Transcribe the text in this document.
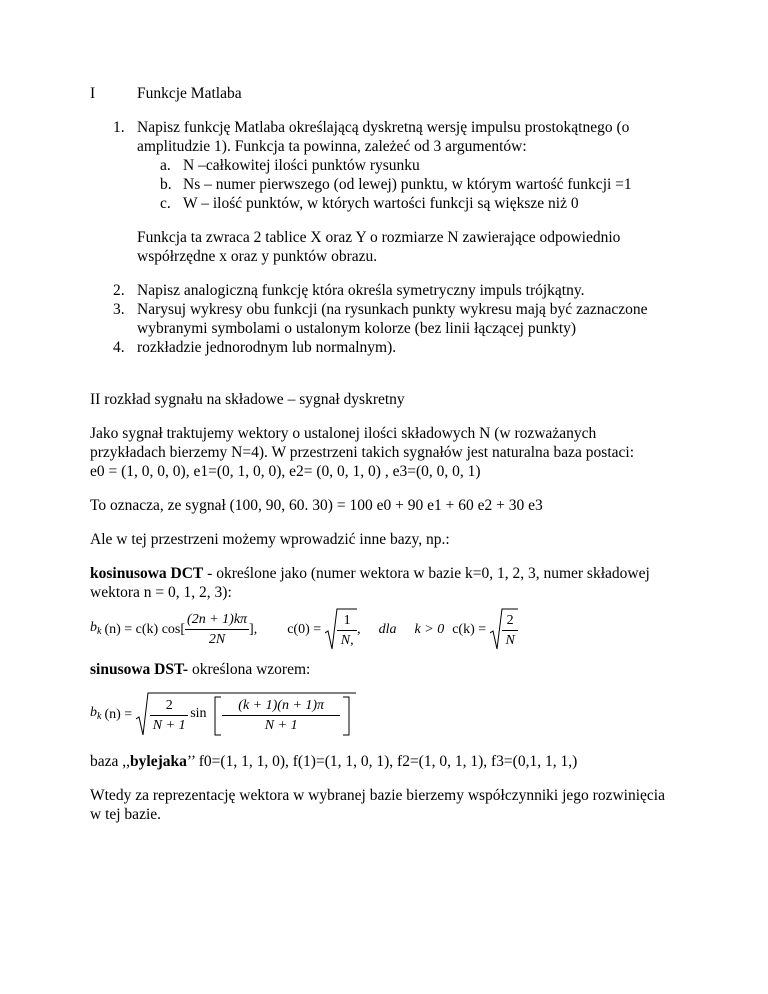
I	Funkcje Matlaba
1. Napisz funkcję Matlaba określającą dyskretną wersję impulsu prostokątnego (o
amplitudzie 1). Funkcja ta powinna, zależeć od 3 argumentów:
a. N –całkowitej ilości punktów rysunku
b. Ns – numer pierwszego (od lewej) punktu, w którym wartość funkcji =1
c. W – ilość punktów, w których wartości funkcji są większe niż 0
Funkcja ta zwraca 2 tablice X oraz Y o rozmiarze N zawierające odpowiednio
współrzędne x oraz y punktów obrazu.
2. Napisz analogiczną funkcję która określa symetryczny impuls trójkątny.
3. Narysuj wykresy obu funkcji (na rysunkach punkty wykresu mają być zaznaczone
wybranymi symbolami o ustalonym kolorze (bez linii łączącej punkty)
4. rozkładzie jednorodnym lub normalnym).
II rozkład sygnału na składowe – sygnał dyskretny
Jako sygnał traktujemy wektory o ustalonej ilości składowych N (w rozważanych
przykładach bierzemy N=4). W przestrzeni takich sygnałów jest naturalna baza postaci:
e0 = (1, 0, 0, 0), e1=(0, 1, 0, 0), e2= (0, 0, 1, 0) , e3=(0, 0, 0, 1)
To oznacza, ze sygnał (100, 90, 60. 30) = 100 e0 + 90 e1 + 60 e2 + 30 e3
Ale w tej przestrzeni możemy wprowadzić inne bazy, np.:
kosinusowa DCT - określone jako (numer wektora w bazie k=0, 1, 2, 3, numer składowej
wektora n = 0, 1, 2, 3):
$b_k$ (n) = c(k) $\cos[ \frac{(2n + 1)k\pi}{2N}$ ], $c(0) = \frac{1}{N,}$ , dla k > 0 $c(k) = \frac{2}{N}$
sinusowa DST- określona wzorem:
$b_k$ $(n) = \frac{2}{N + 1}$ $\sin \frac{(k + 1)(n + 1)\pi}{N + 1}$
baza ,,bylejaka’’ f0=(1, 1, 1, 0), f(1)=(1, 1, 0, 1), f2=(1, 0, 1, 1), f3=(0,1, 1, 1,)
Wtedy za reprezentację wektora w wybranej bazie bierzemy współczynniki jego rozwinięcia
w tej bazie.
